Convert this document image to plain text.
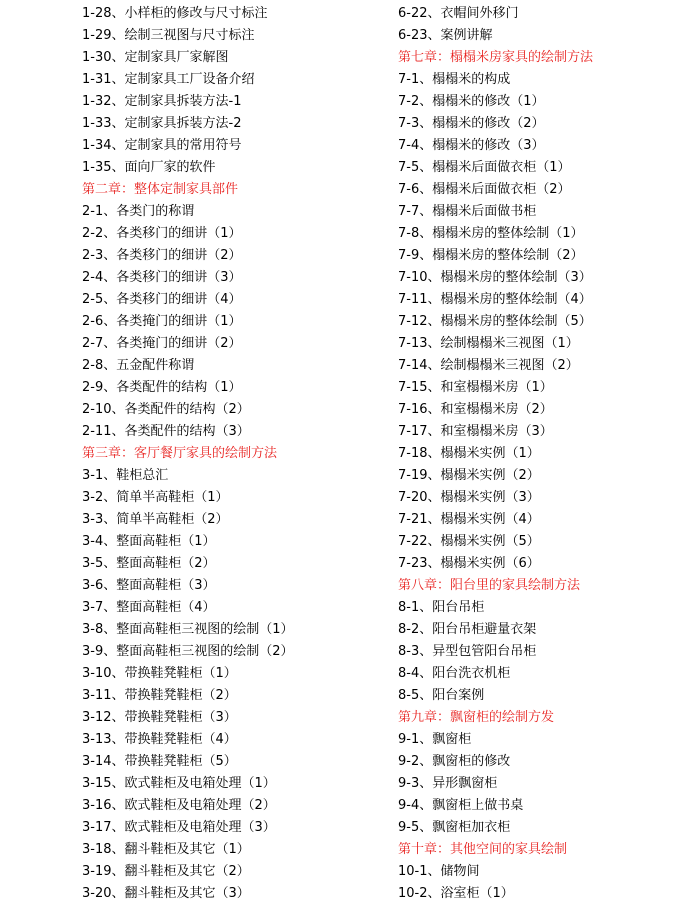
1-28、小样柜的修改与尺寸标注
1-29、绘制三视图与尺寸标注
1-30、定制家具厂家解图
1-31、定制家具工厂设备介绍
1-32、定制家具拆装方法-1
1-33、定制家具拆装方法-2
1-34、定制家具的常用符号
1-35、面向厂家的软件
第二章：整体定制家具部件
2-1、各类门的称谓
2-2、各类移门的细讲（1）
2-3、各类移门的细讲（2）
2-4、各类移门的细讲（3）
2-5、各类移门的细讲（4）
2-6、各类掩门的细讲（1）
2-7、各类掩门的细讲（2）
2-8、五金配件称谓
2-9、各类配件的结构（1）
2-10、各类配件的结构（2）
2-11、各类配件的结构（3）
第三章：客厅餐厅家具的绘制方法
3-1、鞋柜总汇
3-2、简单半高鞋柜（1）
3-3、简单半高鞋柜（2）
3-4、整面高鞋柜（1）
3-5、整面高鞋柜（2）
3-6、整面高鞋柜（3）
3-7、整面高鞋柜（4）
3-8、整面高鞋柜三视图的绘制（1）
3-9、整面高鞋柜三视图的绘制（2）
3-10、带换鞋凳鞋柜（1）
3-11、带换鞋凳鞋柜（2）
3-12、带换鞋凳鞋柜（3）
3-13、带换鞋凳鞋柜（4）
3-14、带换鞋凳鞋柜（5）
3-15、欧式鞋柜及电箱处理（1）
3-16、欧式鞋柜及电箱处理（2）
3-17、欧式鞋柜及电箱处理（3）
3-18、翻斗鞋柜及其它（1）
3-19、翻斗鞋柜及其它（2）
3-20、翻斗鞋柜及其它（3）
6-22、衣帽间外移门
6-23、案例讲解
第七章：榻榻米房家具的绘制方法
7-1、榻榻米的构成
7-2、榻榻米的修改（1）
7-3、榻榻米的修改（2）
7-4、榻榻米的修改（3）
7-5、榻榻米后面做衣柜（1）
7-6、榻榻米后面做衣柜（2）
7-7、榻榻米后面做书柜
7-8、榻榻米房的整体绘制（1）
7-9、榻榻米房的整体绘制（2）
7-10、榻榻米房的整体绘制（3）
7-11、榻榻米房的整体绘制（4）
7-12、榻榻米房的整体绘制（5）
7-13、绘制榻榻米三视图（1）
7-14、绘制榻榻米三视图（2）
7-15、和室榻榻米房（1）
7-16、和室榻榻米房（2）
7-17、和室榻榻米房（3）
7-18、榻榻米实例（1）
7-19、榻榻米实例（2）
7-20、榻榻米实例（3）
7-21、榻榻米实例（4）
7-22、榻榻米实例（5）
7-23、榻榻米实例（6）
第八章：阳台里的家具绘制方法
8-1、阳台吊柜
8-2、阳台吊柜避量衣架
8-3、异型包管阳台吊柜
8-4、阳台洗衣机柜
8-5、阳台案例
第九章：飘窗柜的绘制方发
9-1、飘窗柜
9-2、飘窗柜的修改
9-3、异形飘窗柜
9-4、飘窗柜上做书桌
9-5、飘窗柜加衣柜
第十章：其他空间的家具绘制
10-1、储物间
10-2、浴室柜（1）
